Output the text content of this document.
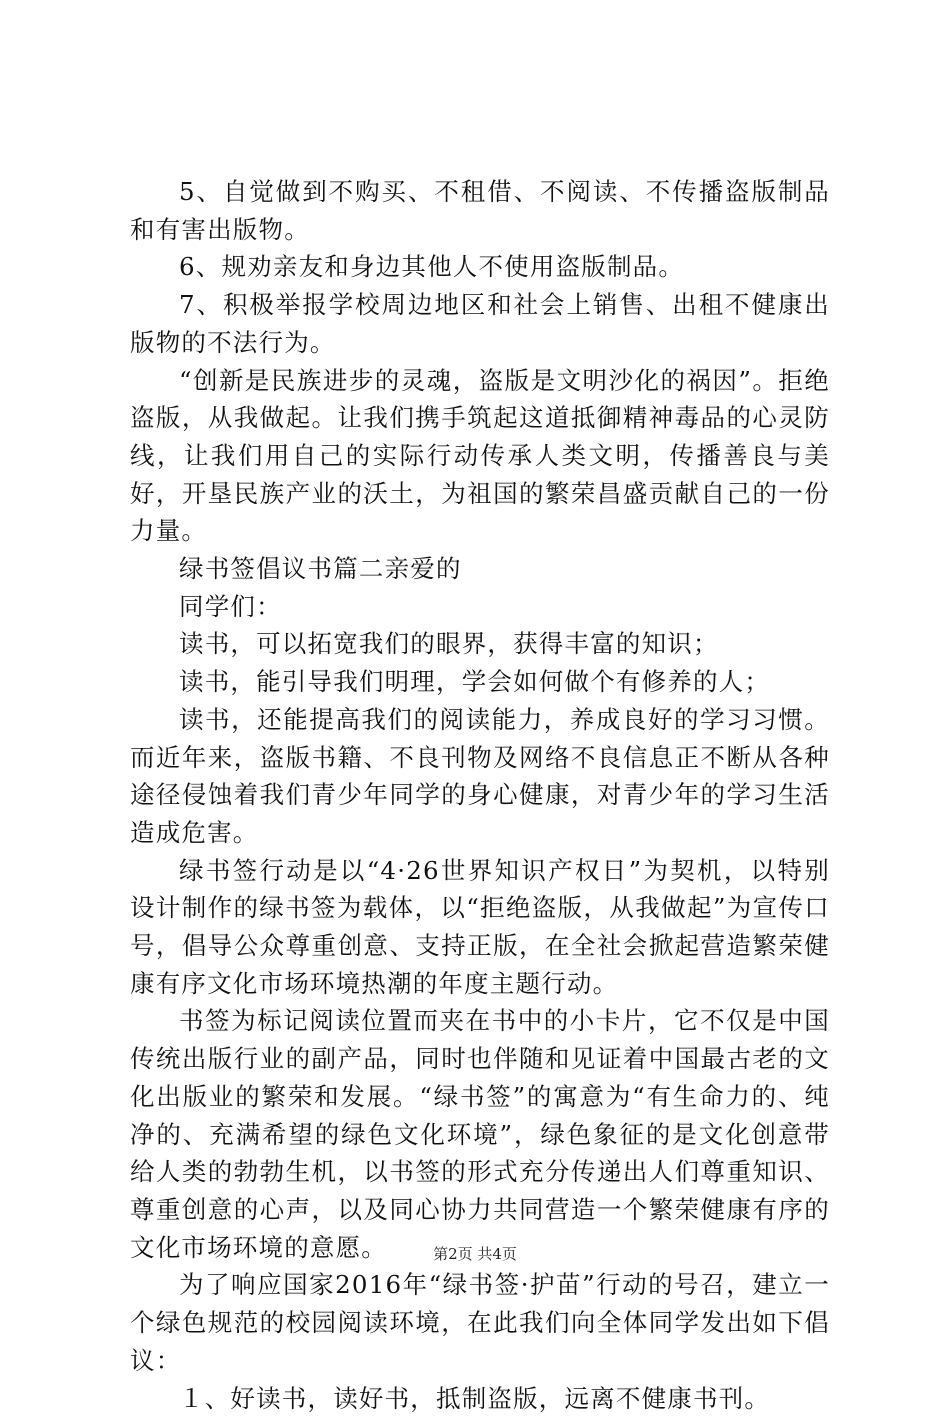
5、自觉做到不购买、不租借、不阅读、不传播盗版制品和有害出版物。

6、规劝亲友和身边其他人不使用盗版制品。

7、积极举报学校周边地区和社会上销售、出租不健康出版物的不法行为。

“创新是民族进步的灵魂，盗版是文明沙化的祸因”。拒绝盗版，从我做起。让我们携手筑起这道抵御精神毒品的心灵防线，让我们用自己的实际行动传承人类文明，传播善良与美好，开垦民族产业的沃土，为祖国的繁荣昌盛贡献自己的一份力量。

绿书签倡议书篇二亲爱的

同学们：

读书，可以拓宽我们的眼界，获得丰富的知识；

读书，能引导我们明理，学会如何做个有修养的人；

读书，还能提高我们的阅读能力，养成良好的学习习惯。而近年来，盗版书籍、不良刊物及网络不良信息正不断从各种途径侵蚀着我们青少年同学的身心健康，对青少年的学习生活造成危害。

绿书签行动是以“4·26世界知识产权日”为契机，以特别设计制作的绿书签为载体，以“拒绝盗版，从我做起”为宣传口号，倡导公众尊重创意、支持正版，在全社会掀起营造繁荣健康有序文化市场环境热潮的年度主题行动。

书签为标记阅读位置而夹在书中的小卡片，它不仅是中国传统出版行业的副产品，同时也伴随和见证着中国最古老的文化出版业的繁荣和发展。“绿书签”的寓意为“有生命力的、纯净的、充满希望的绿色文化环境”，绿色象征的是文化创意带给人类的勃勃生机，以书签的形式充分传递出人们尊重知识、尊重创意的心声，以及同心协力共同营造一个繁荣健康有序的文化市场环境的意愿。

为了响应国家2016年“绿书签·护苗”行动的号召，建立一个绿色规范的校园阅读环境，在此我们向全体同学发出如下倡议：

１、好读书，读好书，抵制盗版，远离不健康书刊。

第2页 共4页
